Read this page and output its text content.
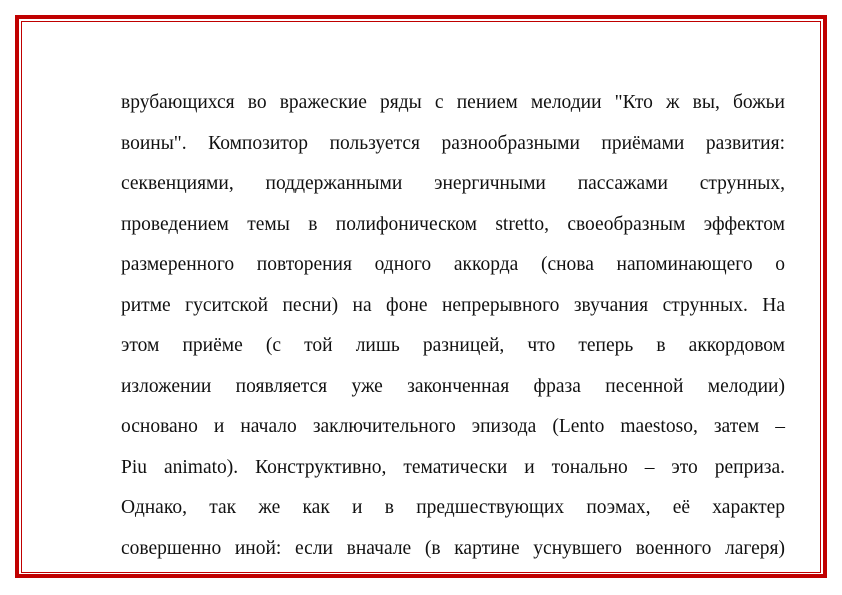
врубающихся во вражеские ряды с пением мелодии "Кто ж вы, божьи
воины". Композитор пользуется разнообразными приёмами развития:
секвенциями, поддержанными энергичными пассажами струнных,
проведением темы в полифоническом stretto, своеобразным эффектом
размеренного повторения одного аккорда (снова напоминающего о
ритме гуситской песни) на фоне непрерывного звучания струнных. На
этом приёме (с той лишь разницей, что теперь в аккордовом
изложении появляется уже законченная фраза песенной мелодии)
основано и начало заключительного эпизода (Lento maestoso, затем –
Piu animato). Конструктивно, тематически и тонально – это реприза.
Однако, так же как и в предшествующих поэмах, её характер
совершенно иной: если вначале (в картине уснувшего военного лагеря)
